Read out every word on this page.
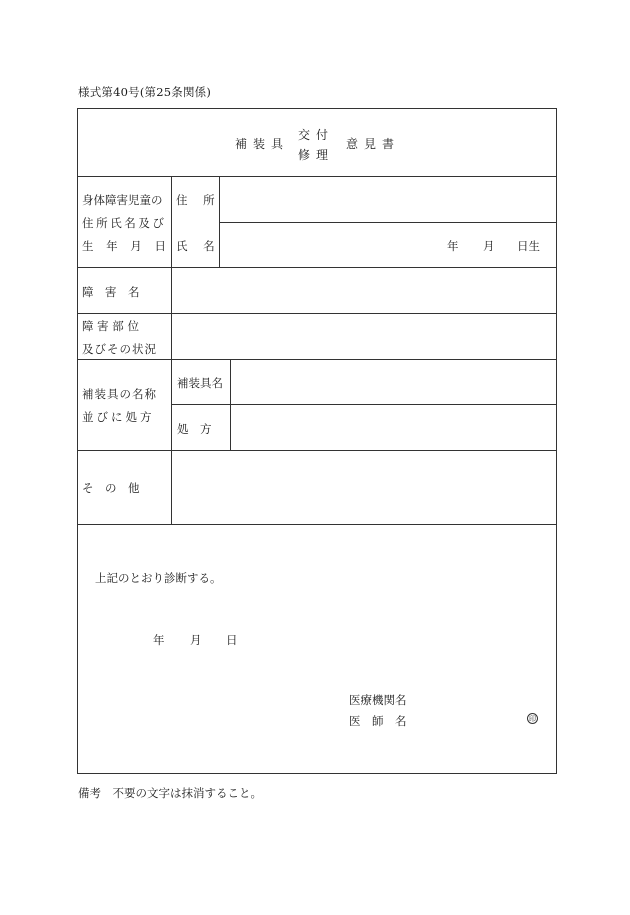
様式第40号(第25条関係)
補装具
交付
修理
意見書
身体障害児童の
住所氏名及び
生 年 月 日
住 所
氏 名	年 月 日生
障　害　名
障 害 部 位
及びその状況
補装具の名称
並びに処方
補装具名
処　方
そ　の　他
上記のとおり診断する。
年 月 日
医療機関名
医　師　名	印
備考　不要の文字は抹消すること。
